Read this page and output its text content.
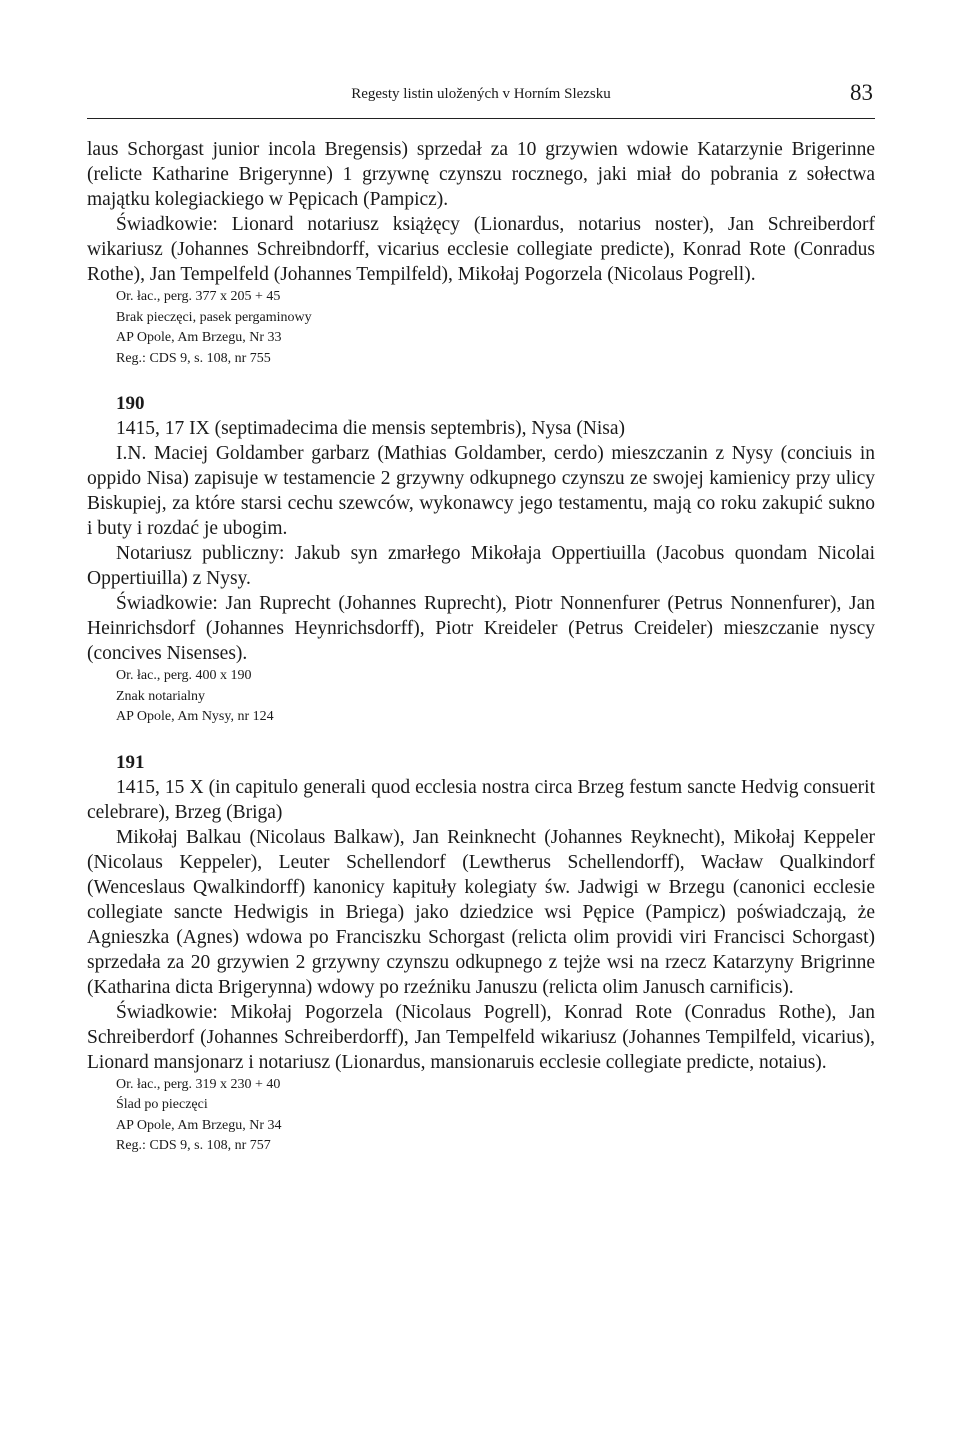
Regesty listin uložených v Horním Slezsku	83

laus Schorgast junior incola Bregensis) sprzedał za 10 grzywien wdowie Katarzynie Brigerinne (relicte Katharine Brigerynne) 1 grzywnę czynszu rocznego, jaki miał do pobrania z sołectwa majątku kolegiackiego w Pępicach (Pampicz).

Świadkowie: Lionard notariusz książęcy (Lionardus, notarius noster), Jan Schreiberdorf wikariusz (Johannes Schreibndorff, vicarius ecclesie collegiate predicte), Konrad Rote (Conradus Rothe), Jan Tempelfeld (Johannes Tempilfeld), Mikołaj Pogorzela (Nicolaus Pogrell).

Or. łac., perg. 377 x 205 + 45
Brak pieczęci, pasek pergaminowy
AP Opole, Am Brzegu, Nr 33
Reg.: CDS 9, s. 108, nr 755
190

1415, 17 IX (septimadecima die mensis septembris), Nysa (Nisa)

I.N. Maciej Goldamber garbarz (Mathias Goldamber, cerdo) mieszczanin z Nysy (conciuis in oppido Nisa) zapisuje w testamencie 2 grzywny odkupnego czynszu ze swojej kamienicy przy ulicy Biskupiej, za które starsi cechu szewców, wykonawcy jego testamentu, mają co roku zakupić sukno i buty i rozdać je ubogim.

Notariusz publiczny: Jakub syn zmarłego Mikołaja Oppertiuilla (Jacobus quondam Nicolai Oppertiuilla) z Nysy.

Świadkowie: Jan Ruprecht (Johannes Ruprecht), Piotr Nonnenfurer (Petrus Nonnenfurer), Jan Heinrichsdorf (Johannes Heynrichsdorff), Piotr Kreideler (Petrus Creideler) mieszczanie nyscy (concives Nisenses).

Or. łac., perg. 400 x 190
Znak notarialny
AP Opole, Am Nysy, nr 124
191

1415, 15 X (in capitulo generali quod ecclesia nostra circa Brzeg festum sancte Hedvig consuerit celebrare), Brzeg (Briga)

Mikołaj Balkau (Nicolaus Balkaw), Jan Reinknecht (Johannes Reyknecht), Mikołaj Keppeler (Nicolaus Keppeler), Leuter Schellendorf (Lewtherus Schellendorff), Wacław Qualkindorf (Wenceslaus Qwalkindorff) kanonicy kapituły kolegiaty św. Jadwigi w Brzegu (canonici ecclesie collegiate sancte Hedwigis in Briega) jako dziedzice wsi Pępice (Pampicz) poświadczają, że Agnieszka (Agnes) wdowa po Franciszku Schorgast (relicta olim providi viri Francisci Schorgast) sprzedała za 20 grzywien 2 grzywny czynszu odkupnego z tejże wsi na rzecz Katarzyny Brigrinne (Katharina dicta Brigerynna) wdowy po rzeźniku Januszu (relicta olim Janusch carnificis).

Świadkowie: Mikołaj Pogorzela (Nicolaus Pogrell), Konrad Rote (Conradus Rothe), Jan Schreiberdorf (Johannes Schreiberdorff), Jan Tempelfeld wikariusz (Johannes Tempilfeld, vicarius), Lionard mansjonarz i notariusz (Lionardus, mansionaruis ecclesie collegiate predicte, notaius).

Or. łac., perg. 319 x 230 + 40
Ślad po pieczęci
AP Opole, Am Brzegu, Nr 34
Reg.: CDS 9, s. 108, nr 757
